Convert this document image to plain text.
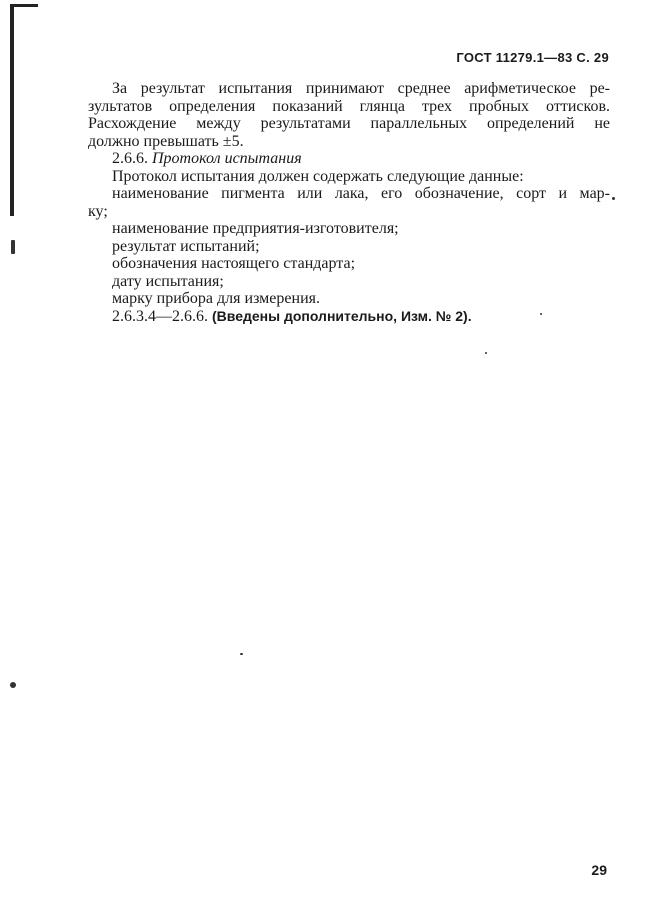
ГОСТ 11279.1—83 С. 29
За результат испытания принимают среднее арифметическое ре-
зультатов определения показаний глянца трех пробных оттисков.
Расхождение между результатами параллельных определений не
должно превышать ±5.
2.6.6. Протокол испытания
Протокол испытания должен содержать следующие данные:
наименование пигмента или лака, его обозначение, сорт и мар-
ку;
наименование предприятия-изготовителя;
результат испытаний;
обозначения настоящего стандарта;
дату испытания;
марку прибора для измерения.
2.6.3.4—2.6.6. (Введены дополнительно, Изм. № 2).
29
